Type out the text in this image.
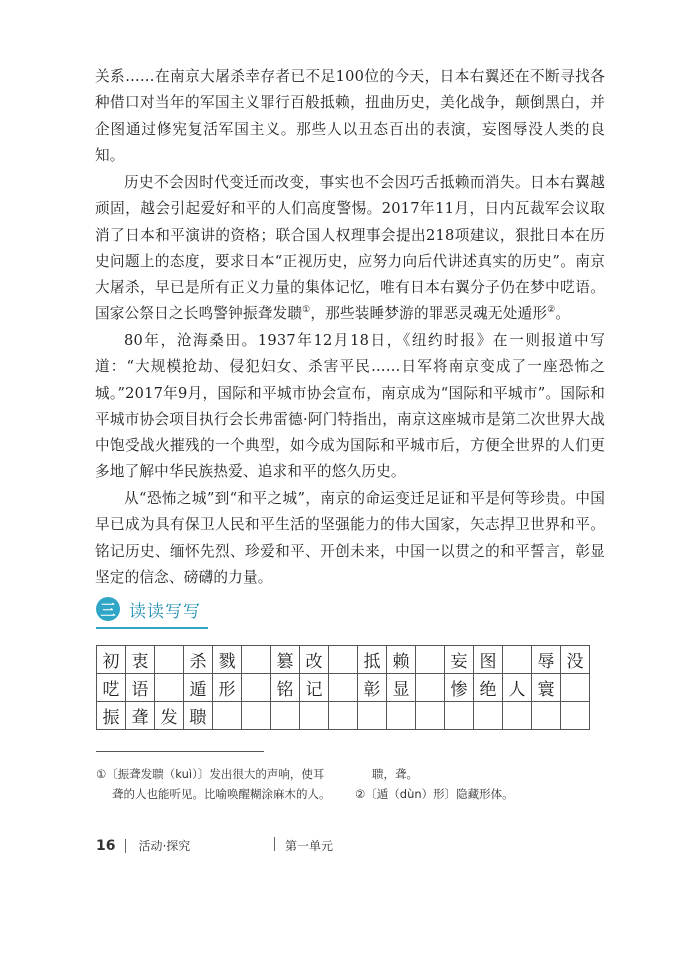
关系……在南京大屠杀幸存者已不足100位的今天，日本右翼还在不断寻找各种借口对当年的军国主义罪行百般抵赖，扭曲历史，美化战争，颠倒黑白，并企图通过修宪复活军国主义。那些人以丑态百出的表演，妄图辱没人类的良知。

历史不会因时代变迁而改变，事实也不会因巧舌抵赖而消失。日本右翼越顽固，越会引起爱好和平的人们高度警惕。2017年11月，日内瓦裁军会议取消了日本和平演讲的资格；联合国人权理事会提出218项建议，狠批日本在历史问题上的态度，要求日本“正视历史，应努力向后代讲述真实的历史”。南京大屠杀，早已是所有正义力量的集体记忆，唯有日本右翼分子仍在梦中呓语。国家公祭日之长鸣警钟振聋发聩①，那些装睡梦游的罪恶灵魂无处遁形②。

80年，沧海桑田。1937年12月18日，《纽约时报》在一则报道中写道：“大规模抢劫、侵犯妇女、杀害平民……日军将南京变成了一座恐怖之城。”2017年9月，国际和平城市协会宣布，南京成为“国际和平城市”。国际和平城市协会项目执行会长弗雷德·阿门特指出，南京这座城市是第二次世界大战中饱受战火摧残的一个典型，如今成为国际和平城市后，方便全世界的人们更多地了解中华民族热爱、追求和平的悠久历史。

从“恐怖之城”到“和平之城”，南京的命运变迁足证和平是何等珍贵。中国早已成为具有保卫人民和平生活的坚强能力的伟大国家，矢志捍卫世界和平。铭记历史、缅怀先烈、珍爱和平、开创未来，中国一以贯之的和平誓言，彰显坚定的信念、磅礴的力量。

三 读读写写
初	衷		杀	戮		篡	改		抵	赖		妄	图		辱	没
呓	语		遁	形		铭	记		彰	显		惨	绝	人	寰	
振	聋	发	聩													
①〔振聋发聩（kuì）〕发出很大的声响，使耳
聋的人也能听见。比喻唤醒糊涂麻木的人。
聩，聋。
②〔遁（dùn）形〕隐藏形体。
16 活动·探究	第一单元
